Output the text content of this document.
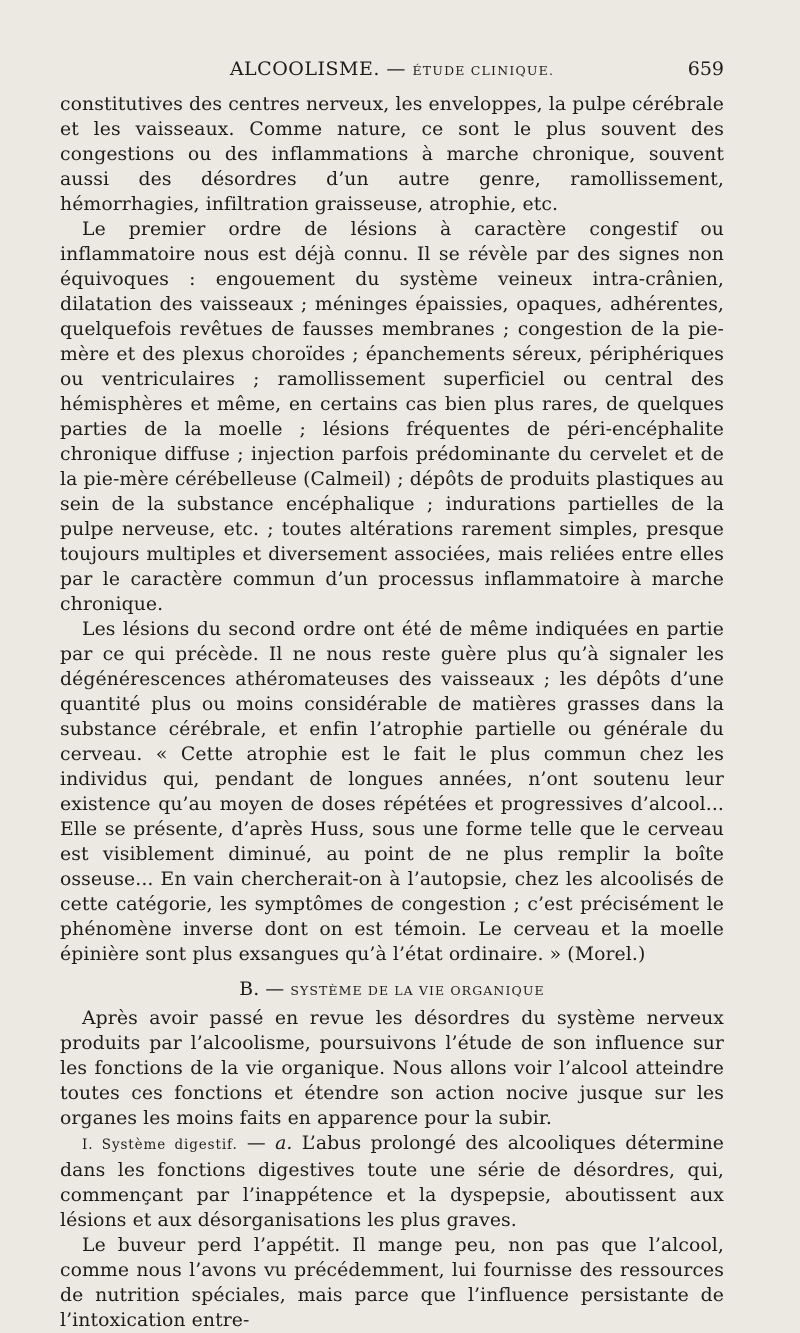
ALCOOLISME. — ÉTUDE CLINIQUE.	659

constitutives des centres nerveux, les enveloppes, la pulpe cérébrale et les vaisseaux. Comme nature, ce sont le plus souvent des congestions ou des inflammations à marche chronique, souvent aussi des désordres d’un autre genre, ramollissement, hémorrhagies, infiltration graisseuse, atrophie, etc.

Le premier ordre de lésions à caractère congestif ou inflammatoire nous est déjà connu. Il se révèle par des signes non équivoques : engouement du système veineux intra-crânien, dilatation des vaisseaux ; méninges épaissies, opaques, adhérentes, quelquefois revêtues de fausses membranes ; congestion de la pie-mère et des plexus choroïdes ; épanchements séreux, périphériques ou ventriculaires ; ramollissement superficiel ou central des hémisphères et même, en certains cas bien plus rares, de quelques parties de la moelle ; lésions fréquentes de péri-encéphalite chronique diffuse ; injection parfois prédominante du cervelet et de la pie-mère cérébelleuse (Calmeil) ; dépôts de produits plastiques au sein de la substance encéphalique ; indurations partielles de la pulpe nerveuse, etc. ; toutes altérations rarement simples, presque toujours multiples et diversement associées, mais reliées entre elles par le caractère commun d’un processus inflammatoire à marche chronique.

Les lésions du second ordre ont été de même indiquées en partie par ce qui précède. Il ne nous reste guère plus qu’à signaler les dégénérescences athéromateuses des vaisseaux ; les dépôts d’une quantité plus ou moins considérable de matières grasses dans la substance cérébrale, et enfin l’atrophie partielle ou générale du cerveau. « Cette atrophie est le fait le plus commun chez les individus qui, pendant de longues années, n’ont soutenu leur existence qu’au moyen de doses répétées et progressives d’alcool... Elle se présente, d’après Huss, sous une forme telle que le cerveau est visiblement diminué, au point de ne plus remplir la boîte osseuse... En vain chercherait-on à l’autopsie, chez les alcoolisés de cette catégorie, les symptômes de congestion ; c’est précisément le phénomène inverse dont on est témoin. Le cerveau et la moelle épinière sont plus exsangues qu’à l’état ordinaire. » (Morel.)

B. — SYSTÈME DE LA VIE ORGANIQUE

Après avoir passé en revue les désordres du système nerveux produits par l’alcoolisme, poursuivons l’étude de son influence sur les fonctions de la vie organique. Nous allons voir l’alcool atteindre toutes ces fonctions et étendre son action nocive jusque sur les organes les moins faits en apparence pour la subir.

I. Système digestif. — a. L’abus prolongé des alcooliques détermine dans les fonctions digestives toute une série de désordres, qui, commençant par l’inappétence et la dyspepsie, aboutissent aux lésions et aux désorganisations les plus graves.

Le buveur perd l’appétit. Il mange peu, non pas que l’alcool, comme nous l’avons vu précédemment, lui fournisse des ressources de nutrition spéciales, mais parce que l’influence persistante de l’intoxication entre-
